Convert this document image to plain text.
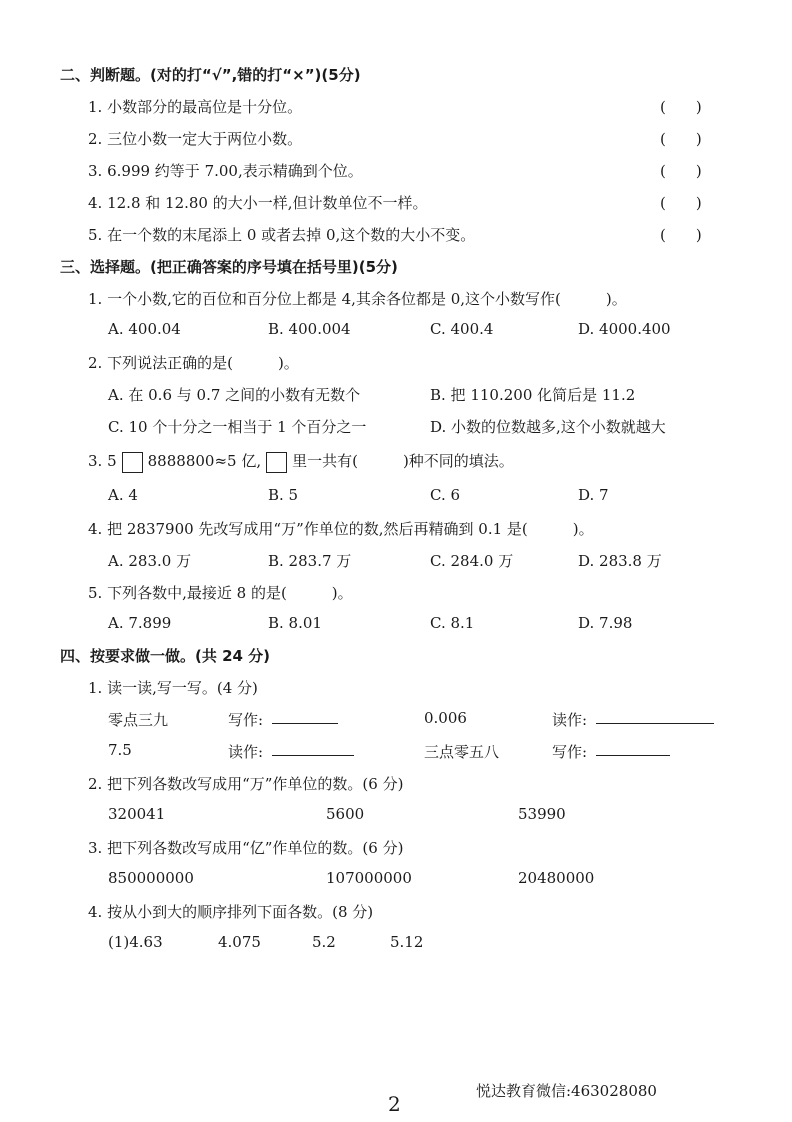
二、判断题。(对的打“√”,错的打“×”)(5分)
1. 小数部分的最高位是十分位。	(　　)
2. 三位小数一定大于两位小数。	(　　)
3. 6.999 约等于 7.00,表示精确到个位。	(　　)
4. 12.8 和 12.80 的大小一样,但计数单位不一样。	(　　)
5. 在一个数的末尾添上 0 或者去掉 0,这个数的大小不变。	(　　)
三、选择题。(把正确答案的序号填在括号里)(5分)
1. 一个小数,它的百位和百分位上都是 4,其余各位都是 0,这个小数写作(　　　)。
A. 400.04	B. 400.004	C. 400.4	D. 4000.400
2. 下列说法正确的是(　　　)。
A. 在 0.6 与 0.7 之间的小数有无数个	B. 把 110.200 化简后是 11.2
C. 10 个十分之一相当于 1 个百分之一	D. 小数的位数越多,这个小数就越大
3. 5 8888800≈5 亿, 里一共有(　　　)种不同的填法。
A. 4	B. 5	C. 6	D. 7
4. 把 2837900 先改写成用“万”作单位的数,然后再精确到 0.1 是(　　　)。
A. 283.0 万	B. 283.7 万	C. 284.0 万	D. 283.8 万
5. 下列各数中,最接近 8 的是(　　　)。
A. 7.899	B. 8.01	C. 8.1	D. 7.98
四、按要求做一做。(共 24 分)
1. 读一读,写一写。(4 分)
零点三九	写作:	0.006	读作:
7.5	读作:	三点零五八	写作:
2. 把下列各数改写成用“万”作单位的数。(6 分)
320041	5600	53990
3. 把下列各数改写成用“亿”作单位的数。(6 分)
850000000	107000000	20480000
4. 按从小到大的顺序排列下面各数。(8 分)
(1)4.63	4.075	5.2	5.12
悦达教育微信:463028080
2
